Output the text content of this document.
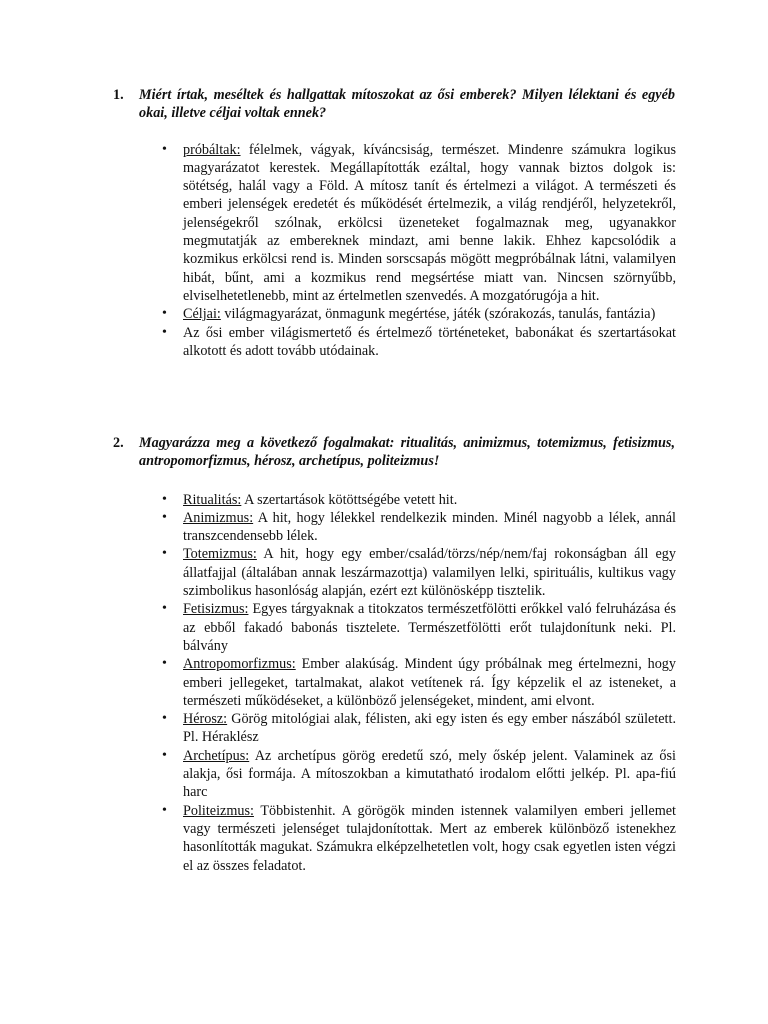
1. Miért írtak, meséltek és hallgattak mítoszokat az ősi emberek? Milyen lélektani és egyéb okai, illetve céljai voltak ennek?
• próbáltak: félelmek, vágyak, kíváncsiság, természet. Mindenre számukra logikus magyarázatot kerestek. Megállapították ezáltal, hogy vannak biztos dolgok is: sötétség, halál vagy a Föld. A mítosz tanít és értelmezi a világot. A természeti és emberi jelenségek eredetét és működését értelmezik, a világ rendjéről, helyzetekről, jelenségekről szólnak, erkölcsi üzeneteket fogalmaznak meg, ugyanakkor megmutatják az embereknek mindazt, ami benne lakik. Ehhez kapcsolódik a kozmikus erkölcsi rend is. Minden sorscsapás mögött megpróbálnak látni, valamilyen hibát, bűnt, ami a kozmikus rend megsértése miatt van. Nincsen szörnyűbb, elviselhetetlenebb, mint az értelmetlen szenvedés. A mozgatórugója a hit.
• Céljai: világmagyarázat, önmagunk megértése, játék (szórakozás, tanulás, fantázia)
• Az ősi ember világismertető és értelmező történeteket, babonákat és szertartásokat alkotott és adott tovább utódainak.
2. Magyarázza meg a következő fogalmakat: ritualitás, animizmus, totemizmus, fetisizmus, antropomorfizmus, hérosz, archetípus, politeizmus!
• Ritualitás: A szertartások kötöttségébe vetett hit.
• Animizmus: A hit, hogy lélekkel rendelkezik minden. Minél nagyobb a lélek, annál transzcendensebb lélek.
• Totemizmus: A hit, hogy egy ember/család/törzs/nép/nem/faj rokonságban áll egy állatfajjal (általában annak leszármazottja) valamilyen lelki, spirituális, kultikus vagy szimbolikus hasonlóság alapján, ezért ezt különösképp tisztelik.
• Fetisizmus: Egyes tárgyaknak a titokzatos természetfölötti erőkkel való felruházása és az ebből fakadó babonás tisztelete. Természetfölötti erőt tulajdonítunk neki. Pl. bálvány
• Antropomorfizmus: Ember alakúság. Mindent úgy próbálnak meg értelmezni, hogy emberi jellegeket, tartalmakat, alakot vetítenek rá. Így képzelik el az isteneket, a természeti működéseket, a különböző jelenségeket, mindent, ami elvont.
• Hérosz: Görög mitológiai alak, félisten, aki egy isten és egy ember nászából született. Pl. Héraklész
• Archetípus: Az archetípus görög eredetű szó, mely őskép jelent. Valaminek az ősi alakja, ősi formája. A mítoszokban a kimutatható irodalom előtti jelkép. Pl. apa-fiú harc
• Politeizmus: Többistenhit. A görögök minden istennek valamilyen emberi jellemet vagy természeti jelenséget tulajdonítottak. Mert az emberek különböző istenekhez hasonlították magukat. Számukra elképzelhetetlen volt, hogy csak egyetlen isten végzi el az összes feladatot.
